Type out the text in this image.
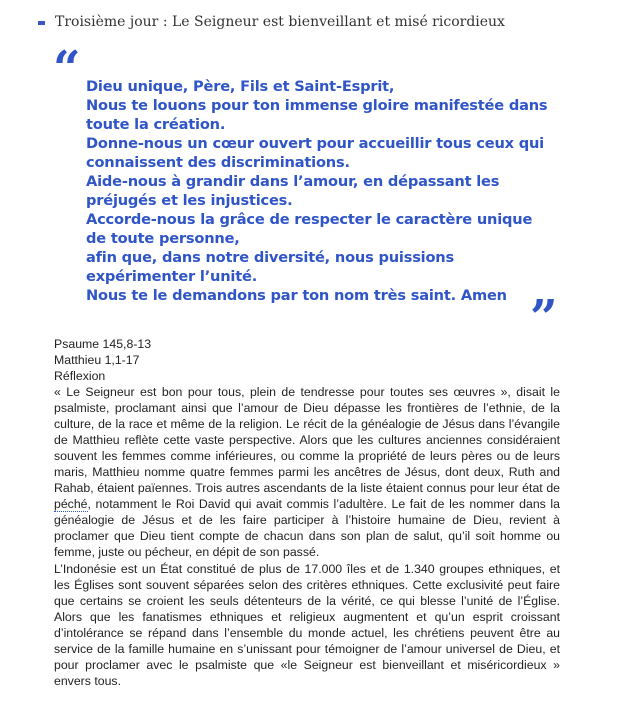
Troisième jour : Le Seigneur est bienveillant et misé ricordieux
“ Dieu unique, Père, Fils et Saint-Esprit,
Nous te louons pour ton immense gloire manifestée dans
toute la création.
Donne-nous un cœur ouvert pour accueillir tous ceux qui
connaissent des discriminations.
Aide-nous à grandir dans l’amour, en dépassant les
préjugés et les injustices.
Accorde-nous la grâce de respecter le caractère unique
de toute personne,
afin que, dans notre diversité, nous puissions
expérimenter l’unité.
Nous te le demandons par ton nom très saint. Amen ”
Psaume 145,8-13
Matthieu 1,1-17
Réflexion

« Le Seigneur est bon pour tous, plein de tendresse pour toutes ses œuvres », disait le psalmiste, proclamant ainsi que l’amour de Dieu dépasse les frontières de l’ethnie, de la culture, de la race et même de la religion. Le récit de la généalogie de Jésus dans l’évangile de Matthieu reflète cette vaste perspective. Alors que les cultures anciennes considéraient souvent les femmes comme inférieures, ou comme la propriété de leurs pères ou de leurs maris, Matthieu nomme quatre femmes parmi les ancêtres de Jésus, dont deux, Ruth and Rahab, étaient païennes. Trois autres ascendants de la liste étaient connus pour leur état de péché, notamment le Roi David qui avait commis l’adultère. Le fait de les nommer dans la généalogie de Jésus et de les faire participer à l’histoire humaine de Dieu, revient à proclamer que Dieu tient compte de chacun dans son plan de salut, qu’il soit homme ou femme, juste ou pécheur, en dépit de son passé.

L’Indonésie est un État constitué de plus de 17.000 îles et de 1.340 groupes ethniques, et les Églises sont souvent séparées selon des critères ethniques. Cette exclusivité peut faire que certains se croient les seuls détenteurs de la vérité, ce qui blesse l’unité de l’Église. Alors que les fanatismes ethniques et religieux augmentent et qu’un esprit croissant d’intolérance se répand dans l’ensemble du monde actuel, les chrétiens peuvent être au service de la famille humaine en s’unissant pour témoigner de l’amour universel de Dieu, et pour proclamer avec le psalmiste que «le Seigneur est bienveillant et miséricordieux » envers tous.
